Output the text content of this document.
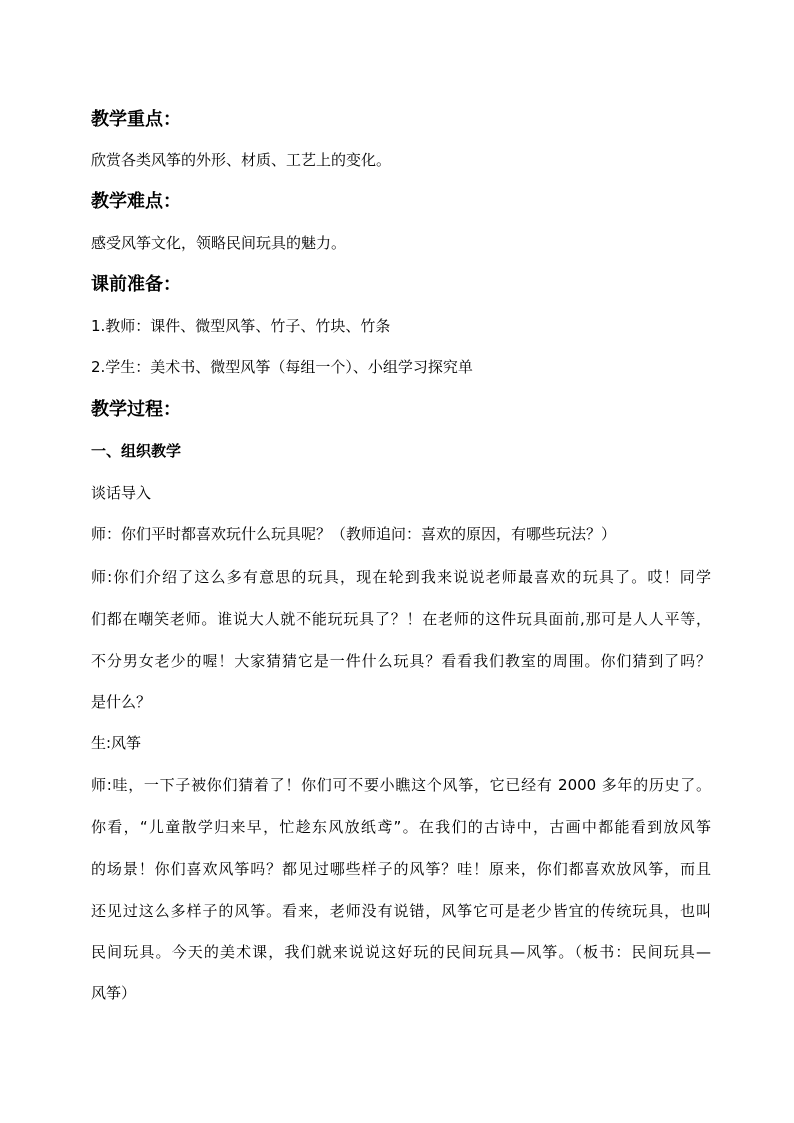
教学重点：
欣赏各类风筝的外形、材质、工艺上的变化。
教学难点：
感受风筝文化，领略民间玩具的魅力。
课前准备：
1.教师：课件、微型风筝、竹子、竹块、竹条
2.学生：美术书、微型风筝（每组一个）、小组学习探究单
教学过程：
一、组织教学
谈话导入
师：你们平时都喜欢玩什么玩具呢？（教师追问：喜欢的原因，有哪些玩法？）
师:你们介绍了这么多有意思的玩具，现在轮到我来说说老师最喜欢的玩具了。哎！同学
们都在嘲笑老师。谁说大人就不能玩玩具了？！在老师的这件玩具面前,那可是人人平等，
不分男女老少的喔！大家猜猜它是一件什么玩具？看看我们教室的周围。你们猜到了吗？
是什么？
生:风筝
师:哇，一下子被你们猜着了！你们可不要小瞧这个风筝，它已经有 2000 多年的历史了。
你看，“儿童散学归来早，忙趁东风放纸鸢”。在我们的古诗中，古画中都能看到放风筝
的场景！你们喜欢风筝吗？都见过哪些样子的风筝？哇！原来，你们都喜欢放风筝，而且
还见过这么多样子的风筝。看来，老师没有说错，风筝它可是老少皆宜的传统玩具，也叫
民间玩具。今天的美术课，我们就来说说这好玩的民间玩具—风筝。（板书：民间玩具—
风筝）
